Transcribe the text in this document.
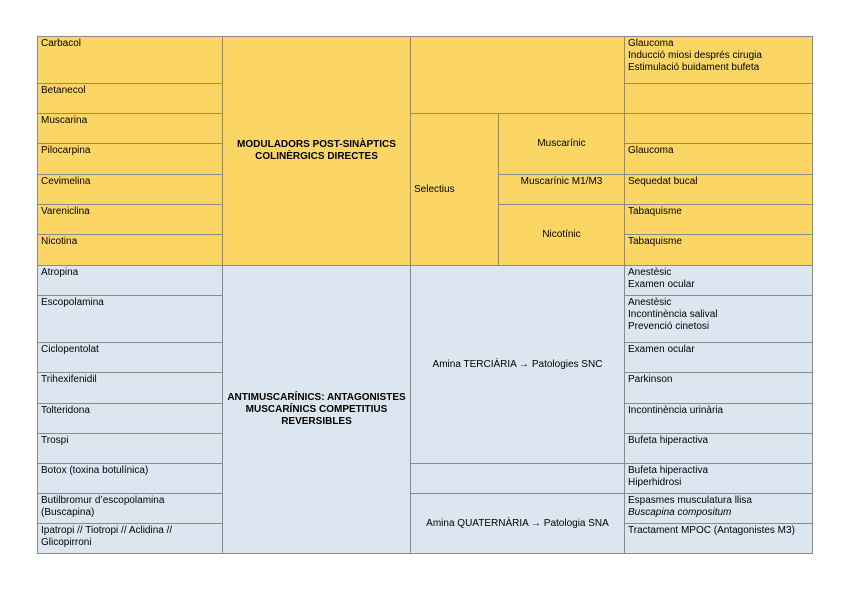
Carbacol	MODULADORS POST-SINÀPTICS COLINÈRGICS DIRECTES			Glaucoma
Inducció miosi després cirugia
Estimulació buidament bufeta

Betanecol				
Muscarina		Selectius	Muscarínic	
Pilocarpina				Glaucoma

Cevimelina			Muscarínic M1/M3	Sequedat bucal

Vareniclina			Nicotínic	Tabaquisme

Nicotina				Tabaquisme

Atropina	ANTIMUSCARÍNICS: ANTAGONISTES MUSCARÍNICS COMPETITIUS REVERSIBLES	Amina TERCIÀRIA → Patologies SNC		Anestèsic
Examen ocular

Escopolamina				Anestèsic
Incontinència salival
Prevenció cinetosi

Ciclopentolat				Examen ocular

Trihexifenidil				Parkinson

Tolteridona				Incontinència urinària

Trospi				Bufeta hiperactiva

Botox (toxina botulínica)				Bufeta hiperactiva
Hiperhidrosi

Butilbromur d’escopolamina (Buscapina)		Amina QUATERNÀRIA → Patologia SNA		Espasmes musculatura llisa
Buscapina compositum

Ipatropi // Tiotropi // Aclidina // Glicopirroni				Tractament MPOC (Antagonistes M3)
